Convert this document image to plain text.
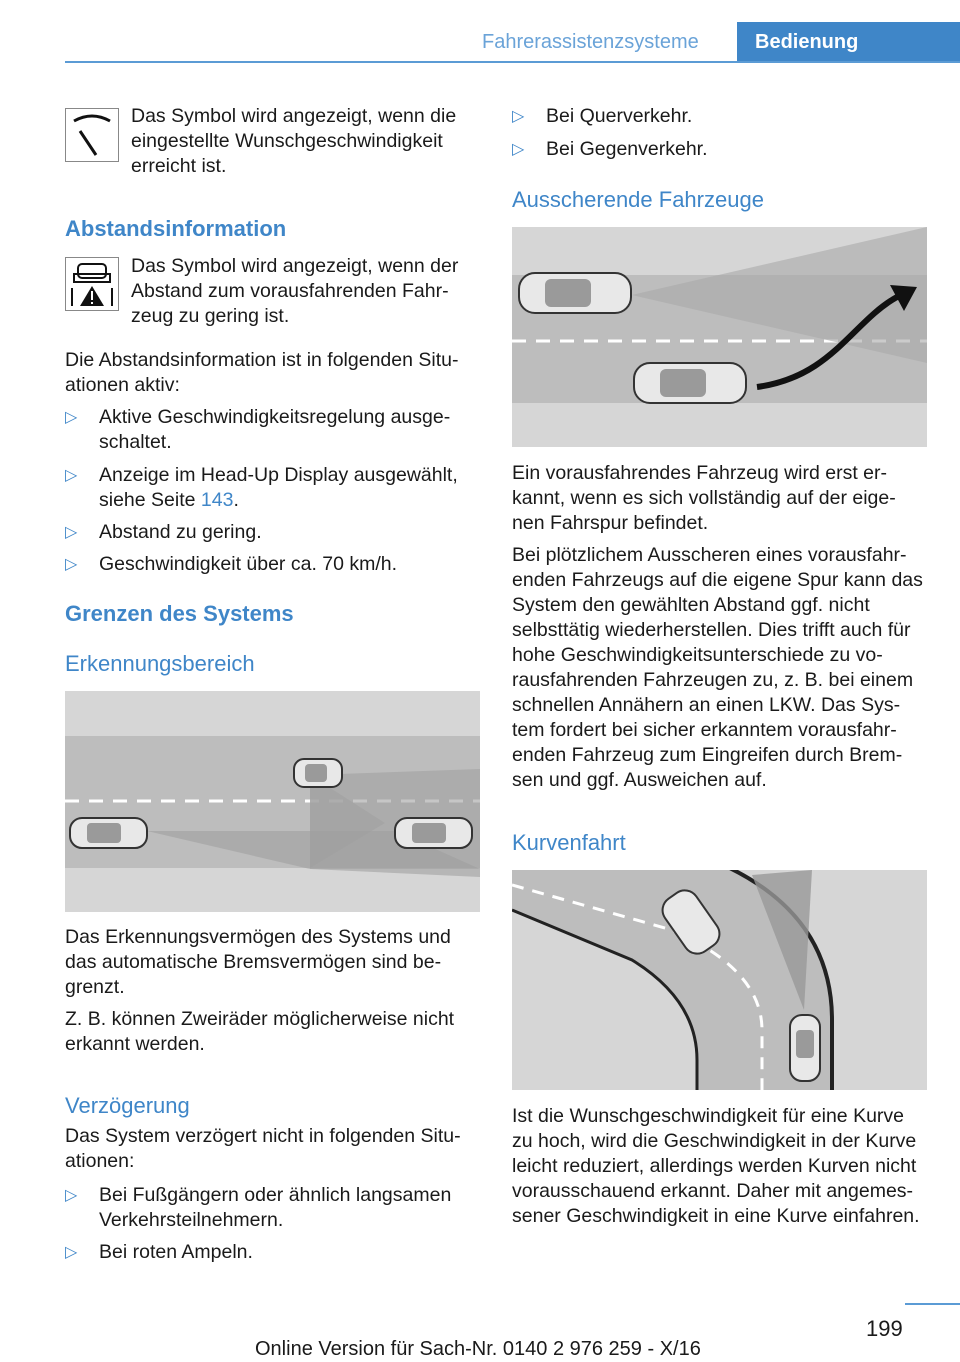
Fahrerassistenzsysteme	Bedienung

Das Symbol wird angezeigt, wenn die eingestellte Wunschgeschwindigkeit erreicht ist.

Abstandsinformation

Das Symbol wird angezeigt, wenn der Abstand zum vorausfahrenden Fahr-zeug zu gering ist.

Die Abstandsinformation ist in folgenden Situ-ationen aktiv:

▷ Aktive Geschwindigkeitsregelung ausge-schaltet.
▷ Anzeige im Head-Up Display ausgewählt, siehe Seite 143.
▷ Abstand zu gering.
▷ Geschwindigkeit über ca. 70 km/h.
Grenzen des Systems
Erkennungsbereich

Das Erkennungsvermögen des Systems und das automatische Bremsvermögen sind be-grenzt.

Z. B. können Zweiräder möglicherweise nicht erkannt werden.

Verzögerung

Das System verzögert nicht in folgenden Situ-ationen:

▷ Bei Fußgängern oder ähnlich langsamen Verkehrsteilnehmern.
▷ Bei roten Ampeln.
▷ Bei Querverkehr.
▷ Bei Gegenverkehr.
Ausscherende Fahrzeuge

Ein vorausfahrendes Fahrzeug wird erst er-kannt, wenn es sich vollständig auf der eige-nen Fahrspur befindet.

Bei plötzlichem Ausscheren eines vorausfahr-enden Fahrzeugs auf die eigene Spur kann das System den gewählten Abstand ggf. nicht selbsttätig wiederherstellen. Dies trifft auch für hohe Geschwindigkeitsunterschiede zu vo-rausfahrenden Fahrzeugen zu, z. B. bei einem schnellen Annähern an einen LKW. Das Sys-tem fordert bei sicher erkanntem vorausfahr-enden Fahrzeug zum Eingreifen durch Brem-sen und ggf. Ausweichen auf.

Kurvenfahrt

Ist die Wunschgeschwindigkeit für eine Kurve zu hoch, wird die Geschwindigkeit in der Kurve leicht reduziert, allerdings werden Kurven nicht vorausschauend erkannt. Daher mit angemes-sener Geschwindigkeit in eine Kurve einfahren.

199
Online Version für Sach-Nr. 0140 2 976 259 - X/16
